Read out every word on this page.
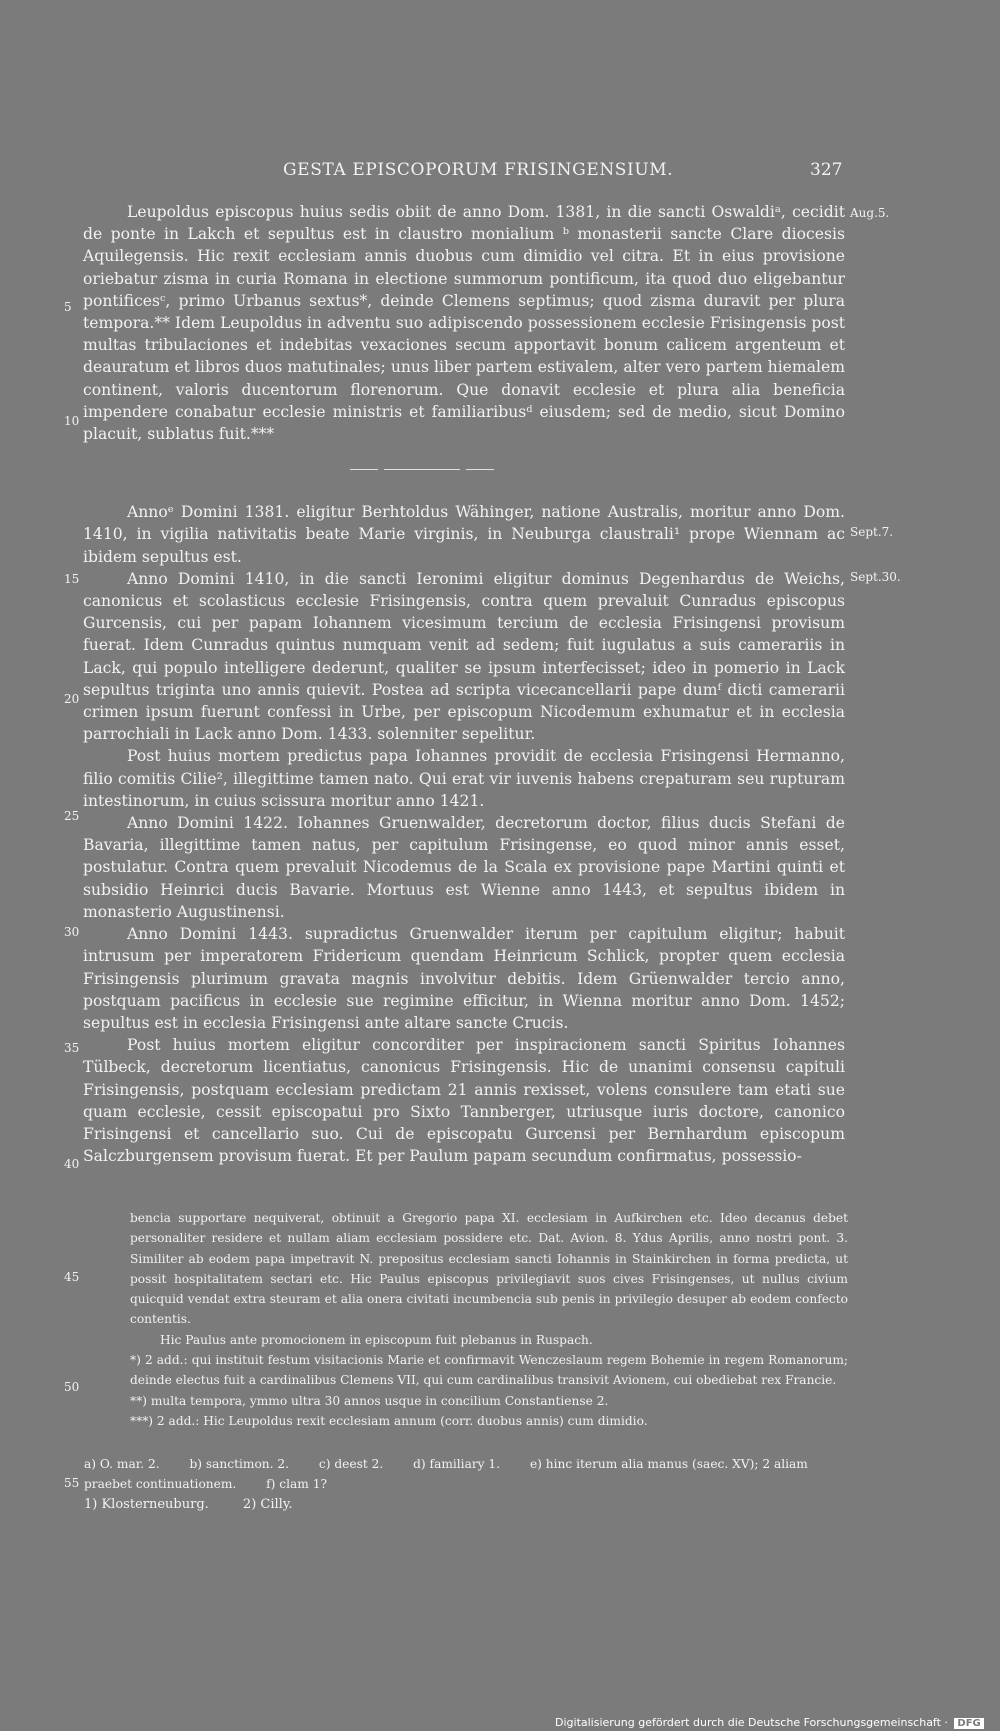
GESTA EPISCOPORUM FRISINGENSIUM.	327

Leupoldus episcopus huius sedis obiit de anno Dom. 1381, in die sancti Oswaldiᵃ, cecidit de ponte in Lakch et sepultus est in claustro monialium ᵇ monasterii sancte Clare diocesis Aquilegensis. Hic rexit ecclesiam annis duobus cum dimidio vel citra. Et in eius provisione oriebatur zisma in curia Romana in electione summorum pontificum, ita quod duo eligebantur pontificesᶜ, primo Urbanus sextus*, deinde Clemens septimus; quod zisma duravit per plura tempora.** Idem Leupoldus in adventu suo adipiscendo possessionem ecclesie Frisingensis post multas tribulaciones et indebitas vexaciones secum apportavit bonum calicem argenteum et deauratum et libros duos matutinales; unus liber partem estivalem, alter vero partem hiemalem continent, valoris ducentorum florenorum. Que donavit ecclesie et plura alia beneficia impendere conabatur ecclesie ministris et familiaribusᵈ eiusdem; sed de medio, sicut Domino placuit, sublatus fuit.***

Annoᵉ Domini 1381. eligitur Berhtoldus Wähinger, natione Australis, moritur anno Dom. 1410, in vigilia nativitatis beate Marie virginis, in Neuburga claustrali¹ prope Wiennam ac ibidem sepultus est.

Anno Domini 1410, in die sancti Ieronimi eligitur dominus Degenhardus de Weichs, canonicus et scolasticus ecclesie Frisingensis, contra quem prevaluit Cunradus episcopus Gurcensis, cui per papam Iohannem vicesimum tercium de ecclesia Frisingensi provisum fuerat. Idem Cunradus quintus numquam venit ad sedem; fuit iugulatus a suis camerariis in Lack, qui populo intelligere dederunt, qualiter se ipsum interfecisset; ideo in pomerio in Lack sepultus triginta uno annis quievit. Postea ad scripta vicecancellarii pape dumᶠ dicti camerarii crimen ipsum fuerunt confessi in Urbe, per episcopum Nicodemum exhumatur et in ecclesia parrochiali in Lack anno Dom. 1433. solenniter sepelitur.

Post huius mortem predictus papa Iohannes providit de ecclesia Frisingensi Hermanno, filio comitis Cilie², illegittime tamen nato. Qui erat vir iuvenis habens crepaturam seu rupturam intestinorum, in cuius scissura moritur anno 1421.

Anno Domini 1422. Iohannes Gruenwalder, decretorum doctor, filius ducis Stefani de Bavaria, illegittime tamen natus, per capitulum Frisingense, eo quod minor annis esset, postulatur. Contra quem prevaluit Nicodemus de la Scala ex provisione pape Martini quinti et subsidio Heinrici ducis Bavarie. Mortuus est Wienne anno 1443, et sepultus ibidem in monasterio Augustinensi.

Anno Domini 1443. supradictus Gruenwalder iterum per capitulum eligitur; habuit intrusum per imperatorem Fridericum quendam Heinricum Schlick, propter quem ecclesia Frisingensis plurimum gravata magnis involvitur debitis. Idem Grüenwalder tercio anno, postquam pacificus in ecclesie sue regimine efficitur, in Wienna moritur anno Dom. 1452; sepultus est in ecclesia Frisingensi ante altare sancte Crucis.

Post huius mortem eligitur concorditer per inspiracionem sancti Spiritus Iohannes Tülbeck, decretorum licentiatus, canonicus Frisingensis. Hic de unanimi consensu capituli Frisingensis, postquam ecclesiam predictam 21 annis rexisset, volens consulere tam etati sue quam ecclesie, cessit episcopatui pro Sixto Tannberger, utriusque iuris doctore, canonico Frisingensi et cancellario suo. Cui de episcopatu Gurcensi per Bernhardum episcopum Salczburgensem provisum fuerat. Et per Paulum papam secundum confirmatus, possessio-

5
10
15
20
25
30
35
40
45
50
55
Aug.5.
Sept.7.
Sept.30.

bencia supportare nequiverat, obtinuit a Gregorio papa XI. ecclesiam in Aufkirchen etc. Ideo decanus debet personaliter residere et nullam aliam ecclesiam possidere etc. Dat. Avion. 8. Ydus Aprilis, anno nostri pont. 3. Similiter ab eodem papa impetravit N. prepositus ecclesiam sancti Iohannis in Stainkirchen in forma predicta, ut possit hospitalitatem sectari etc. Hic Paulus episcopus privilegiavit suos cives Frisingenses, ut nullus civium quicquid vendat extra steuram et alia onera civitati incumbencia sub penis in privilegio desuper ab eodem confecto contentis.

Hic Paulus ante promocionem in episcopum fuit plebanus in Ruspach.

*) 2 add.: qui instituit festum visitacionis Marie et confirmavit Wenczeslaum regem Bohemie in regem Romanorum; deinde electus fuit a cardinalibus Clemens VII, qui cum cardinalibus transivit Avionem, cui obediebat rex Francie.

**) multa tempora, ymmo ultra 30 annos usque in concilium Constantiense 2.

***) 2 add.: Hic Leupoldus rexit ecclesiam annum (corr. duobus annis) cum dimidio.

a) O. mar. 2. b) sanctimon. 2. c) deest 2. d) familiary 1. e) hinc iterum alia manus (saec. XV); 2 aliam praebet continuationem. f) clam 1?
1) Klosterneuburg.	2) Cilly.
Digitalisierung gefördert durch die Deutsche Forschungsgemeinschaft · DFG
